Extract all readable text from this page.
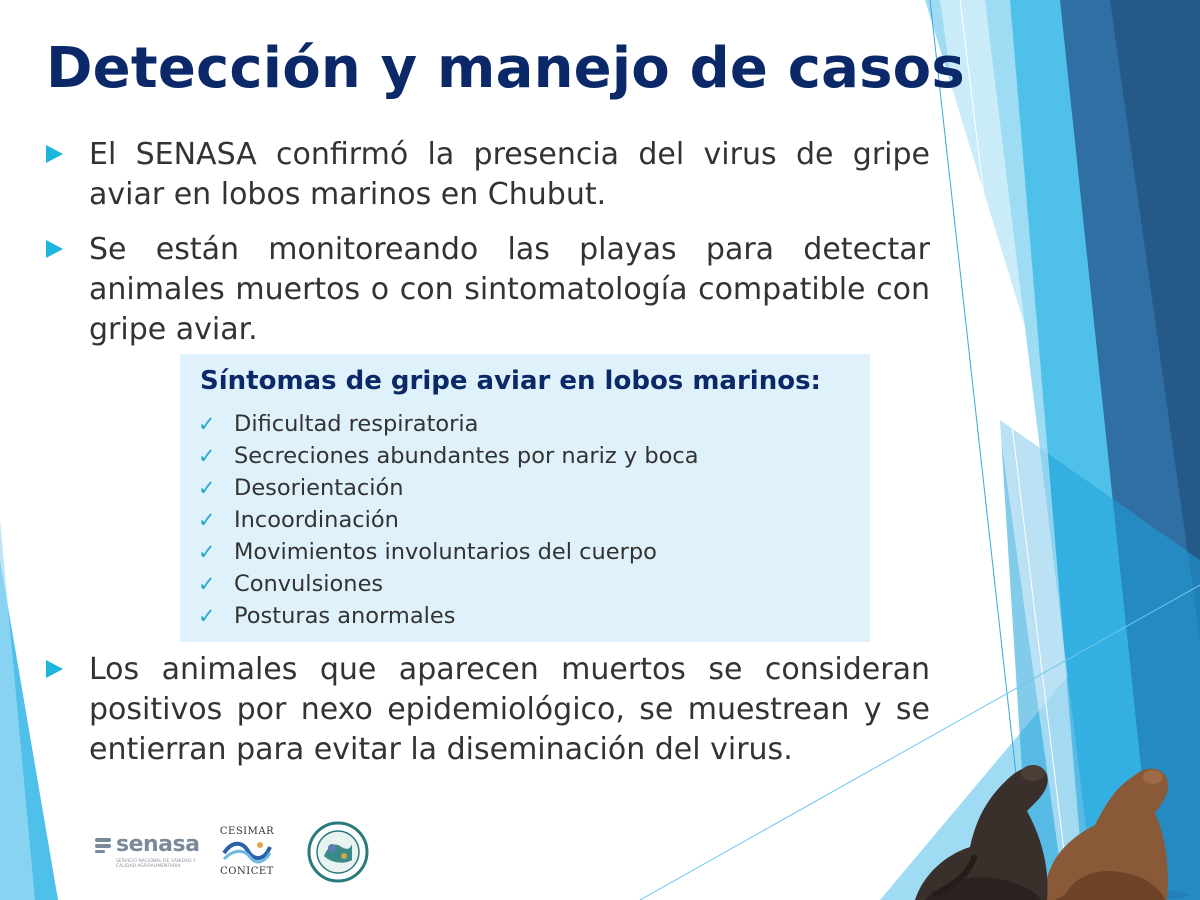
Detección y manejo de casos
El SENASA confirmó la presencia del virus de gripe aviar en lobos marinos en Chubut.
Se están monitoreando las playas para detectar animales muertos o con sintomatología compatible con gripe aviar.
Síntomas de gripe aviar en lobos marinos:
✓ Dificultad respiratoria
✓ Secreciones abundantes por nariz y boca
✓ Desorientación
✓ Incoordinación
✓ Movimientos involuntarios del cuerpo
✓ Convulsiones
✓ Posturas anormales
Los animales que aparecen muertos se consideran positivos por nexo epidemiológico, se muestrean y se entierran para evitar la diseminación del virus.
senasa
SERVICIO NACIONAL DE SANIDAD Y CALIDAD AGROALIMENTARIA
CESIMAR
CONICET
